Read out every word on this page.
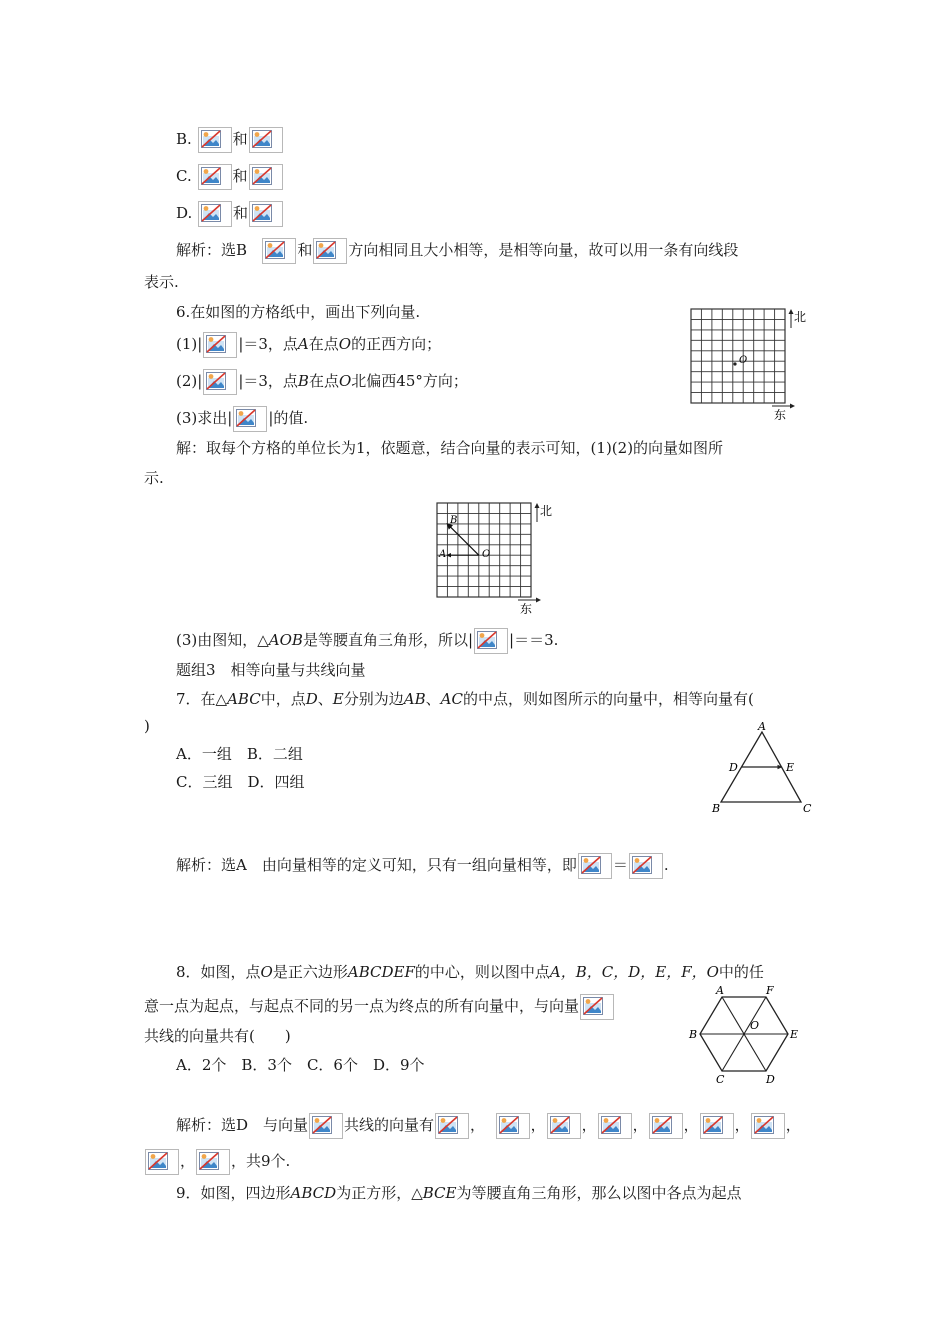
B.	和
C.	和
D.	和
解析：选B	和 方向相同且大小相等，是相等向量，故可以用一条有向线段
表示.
6.在如图的方格纸中，画出下列向量.
(1)| |＝3，点A在点O的正西方向；
(2)| |＝3，点B在点O北偏西45°方向；
(3)求出| |的值.
北
东
O
解：取每个方格的单位长为1，依题意，结合向量的表示可知，(1)(2)的向量如图所
示.
北
东
O
A
B
(3)由图知，△AOB是等腰直角三角形，所以| |＝＝3.
题组3　相等向量与共线向量
7．在△ABC中，点D、E分别为边AB、AC的中点，则如图所示的向量中，相等向量有(
)
A．一组　B．二组
C．三组　D．四组
A
B	C
D	E
解析：选A　由向量相等的定义可知，只有一组向量相等，即 ＝ .
8．如图，点O是正六边形ABCDEF的中心，则以图中点A，B，C，D，E，F，O中的任
意一点为起点，与起点不同的另一点为终点的所有向量中，与向量
共线的向量共有(　　)
A．2个　B．3个　C．6个　D．9个
A	F
B	E
O
C	D
解析：选D　与向量 共线的向量有 ，	， ， ， ， ， ，
， ，共9个.
9．如图，四边形ABCD为正方形，△BCE为等腰直角三角形，那么以图中各点为起点
